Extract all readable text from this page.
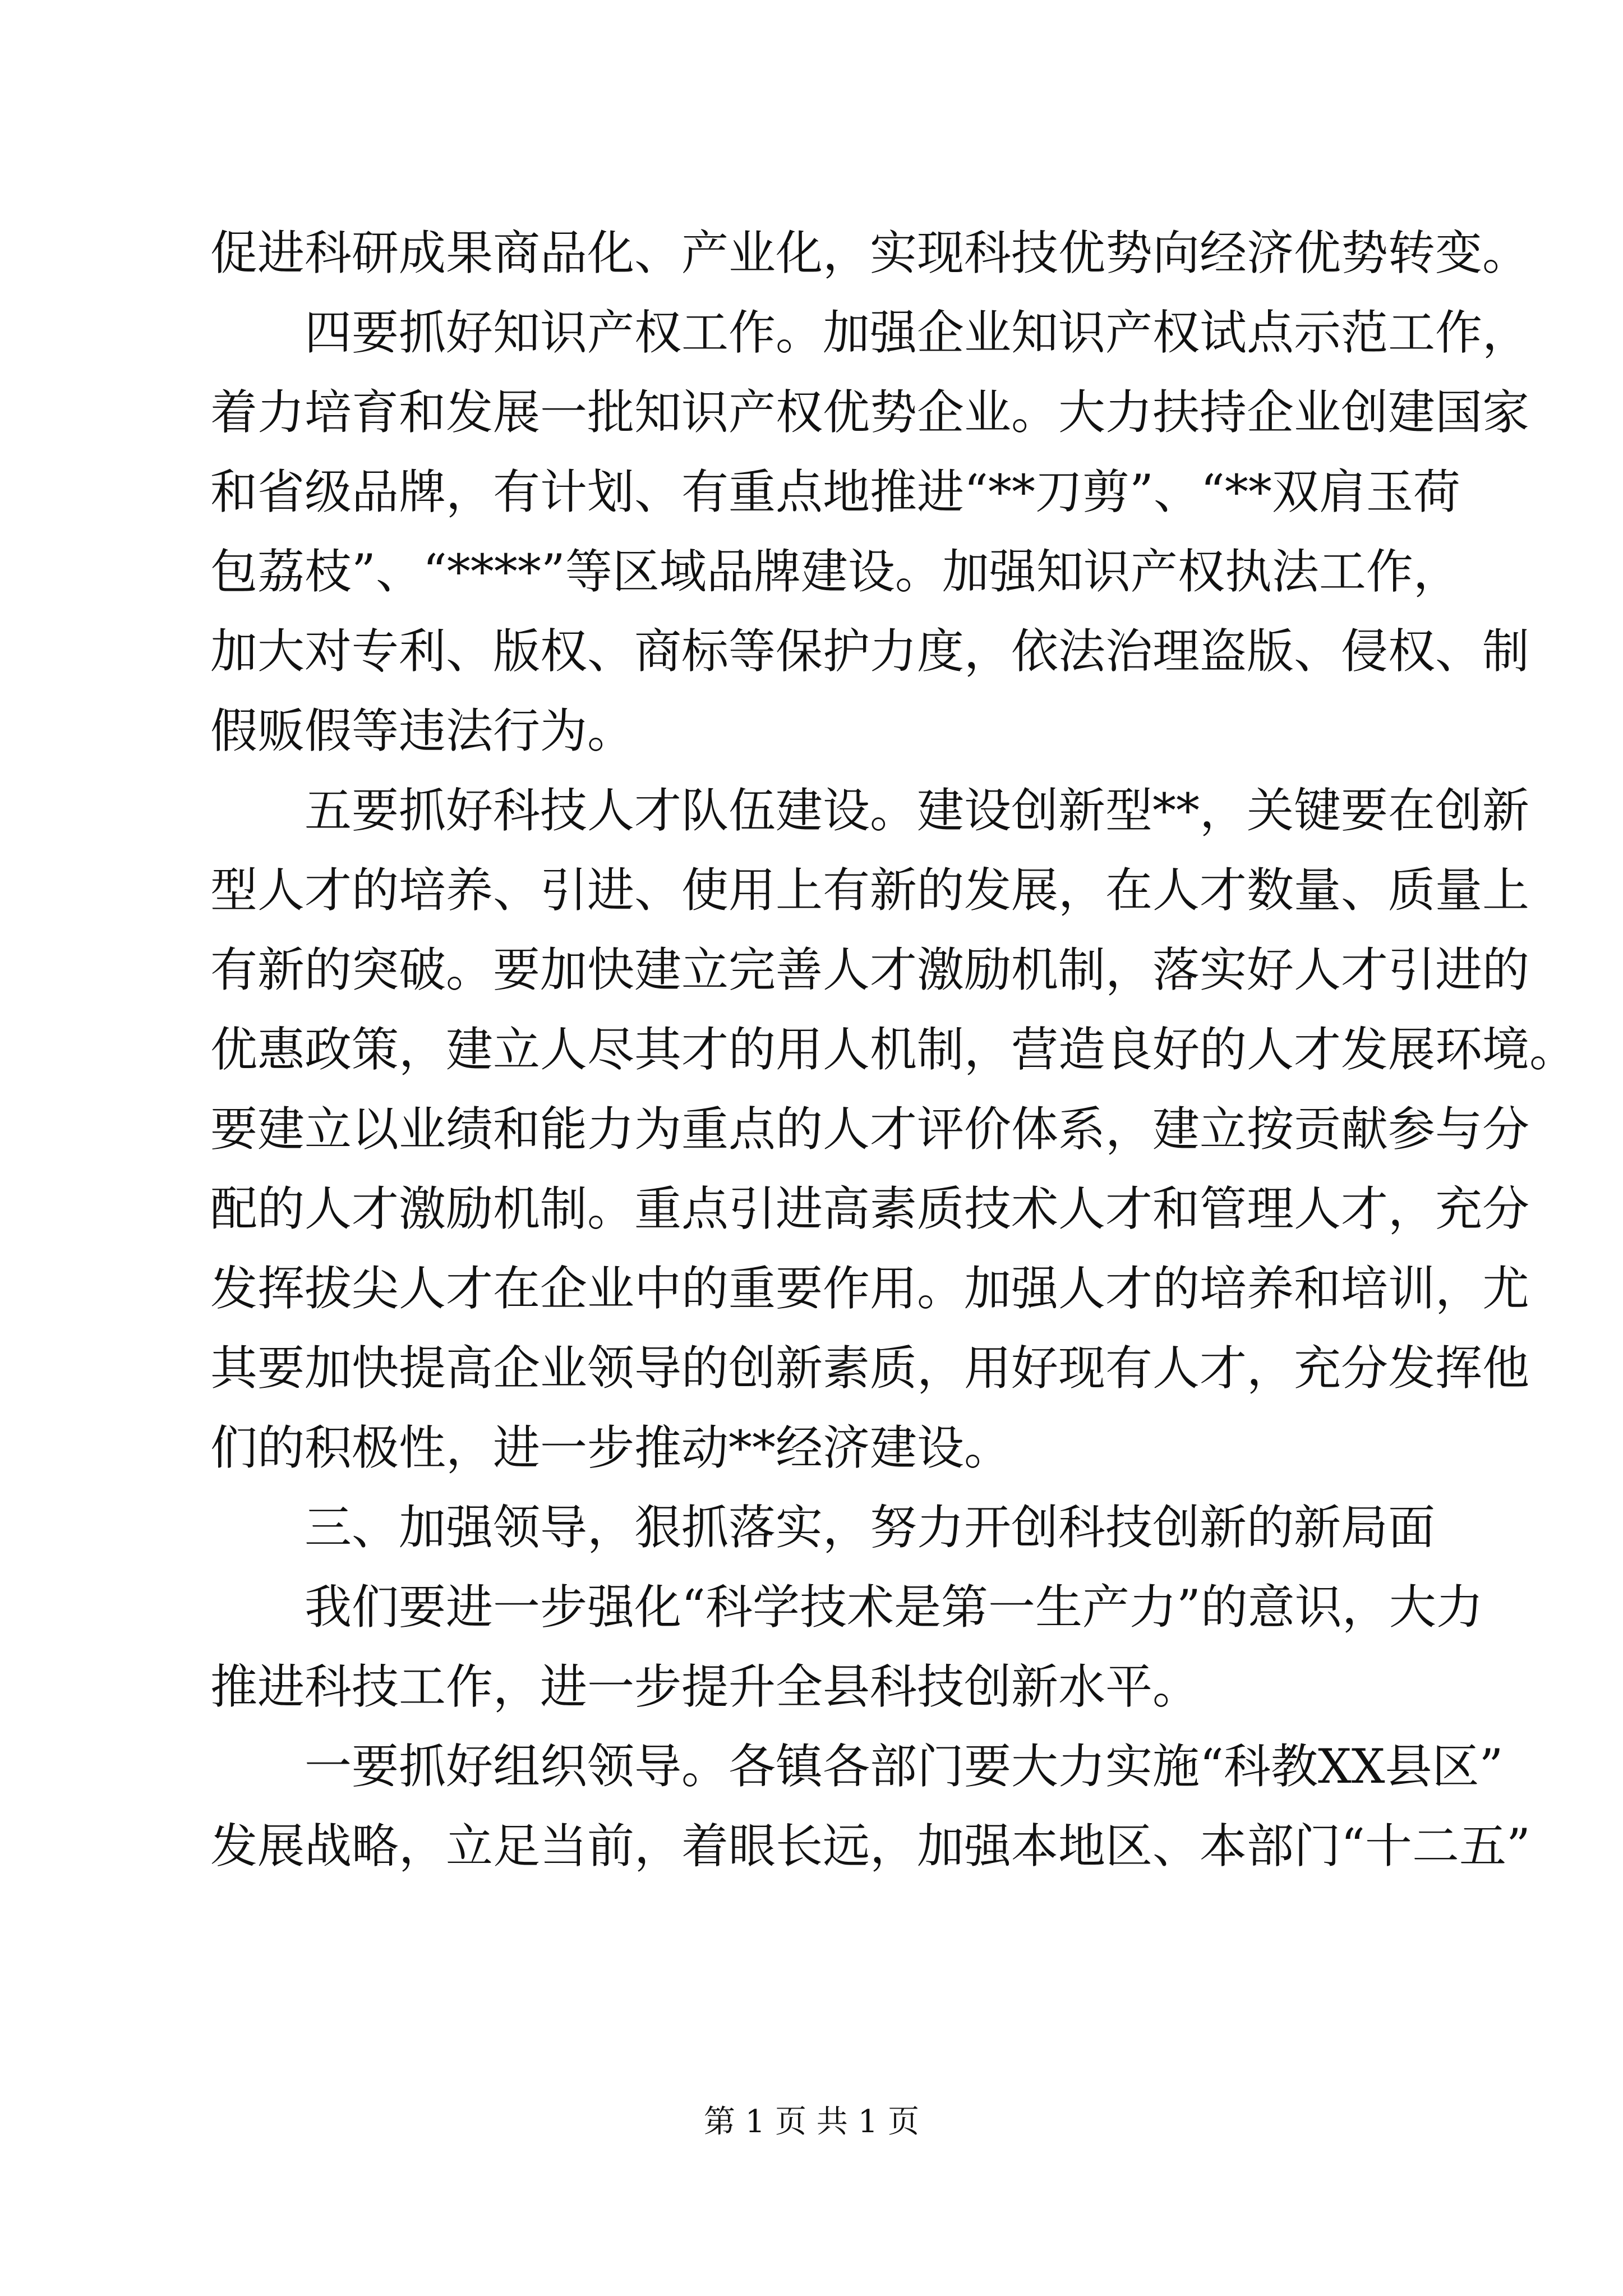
促进科研成果商品化、产业化，实现科技优势向经济优势转变。
四要抓好知识产权工作。加强企业知识产权试点示范工作，
着力培育和发展一批知识产权优势企业。大力扶持企业创建国家
和省级品牌，有计划、有重点地推进“**刀剪”、“**双肩玉荷
包荔枝”、“****”等区域品牌建设。加强知识产权执法工作，
加大对专利、版权、商标等保护力度，依法治理盗版、侵权、制
假贩假等违法行为。
五要抓好科技人才队伍建设。建设创新型**，关键要在创新
型人才的培养、引进、使用上有新的发展，在人才数量、质量上
有新的突破。要加快建立完善人才激励机制，落实好人才引进的
优惠政策，建立人尽其才的用人机制，营造良好的人才发展环境。
要建立以业绩和能力为重点的人才评价体系，建立按贡献参与分
配的人才激励机制。重点引进高素质技术人才和管理人才，充分
发挥拔尖人才在企业中的重要作用。加强人才的培养和培训，尤
其要加快提高企业领导的创新素质，用好现有人才，充分发挥他
们的积极性，进一步推动**经济建设。
三、加强领导，狠抓落实，努力开创科技创新的新局面
我们要进一步强化“科学技术是第一生产力”的意识，大力
推进科技工作，进一步提升全县科技创新水平。
一要抓好组织领导。各镇各部门要大力实施“科教XX县区”
发展战略，立足当前，着眼长远，加强本地区、本部门“十二五”
第 1 页 共 1 页
